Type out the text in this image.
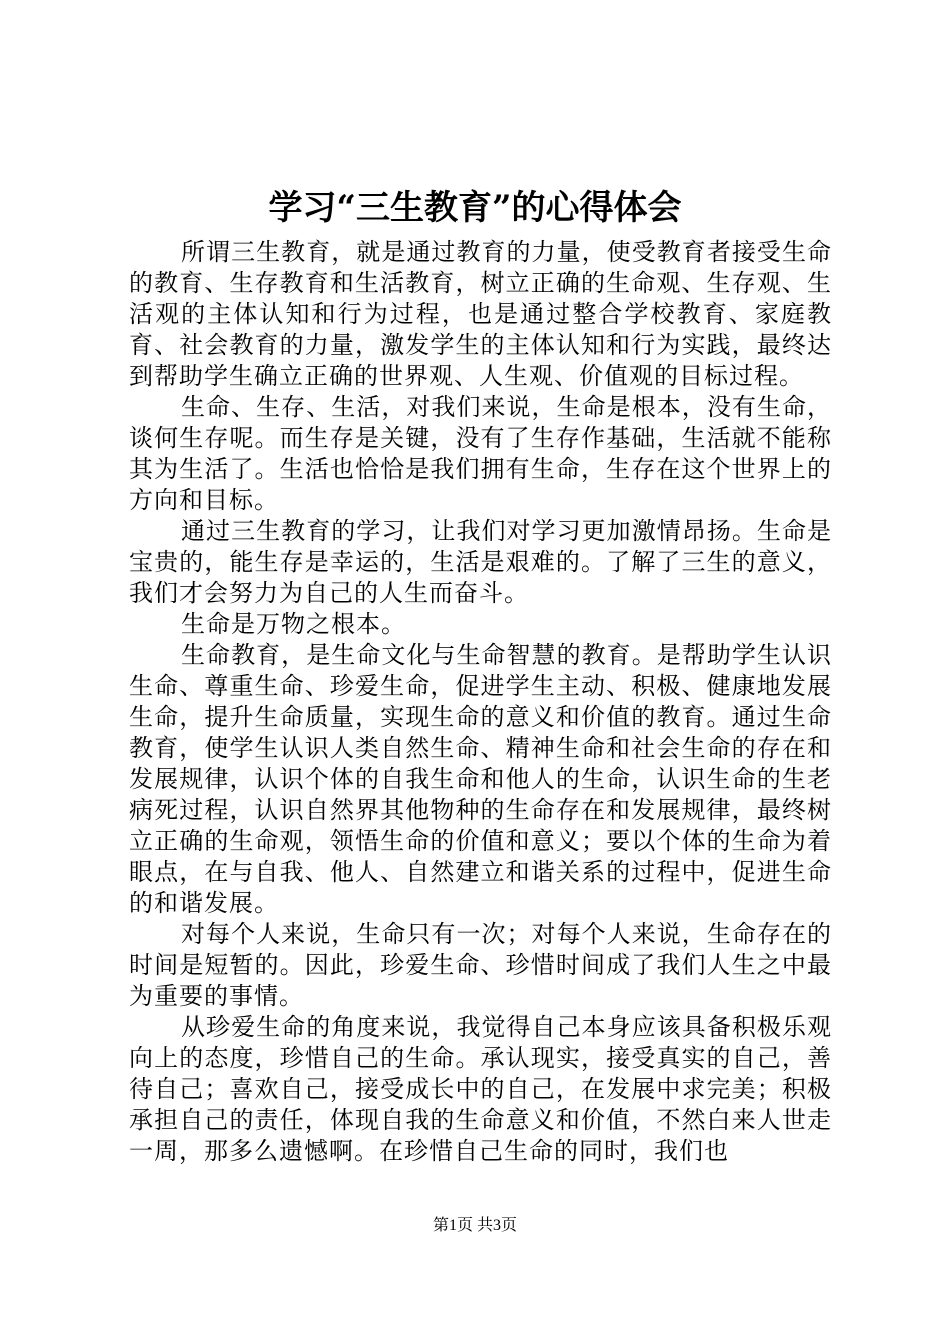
学习“三生教育”的心得体会

所谓三生教育，就是通过教育的力量，使受教育者接受生命的教育、生存教育和生活教育，树立正确的生命观、生存观、生活观的主体认知和行为过程，也是通过整合学校教育、家庭教育、社会教育的力量，激发学生的主体认知和行为实践，最终达到帮助学生确立正确的世界观、人生观、价值观的目标过程。

生命、生存、生活，对我们来说，生命是根本，没有生命，谈何生存呢。而生存是关键，没有了生存作基础，生活就不能称其为生活了。生活也恰恰是我们拥有生命，生存在这个世界上的方向和目标。

通过三生教育的学习，让我们对学习更加激情昂扬。生命是宝贵的，能生存是幸运的，生活是艰难的。了解了三生的意义，我们才会努力为自己的人生而奋斗。

生命是万物之根本。

生命教育，是生命文化与生命智慧的教育。是帮助学生认识生命、尊重生命、珍爱生命，促进学生主动、积极、健康地发展生命，提升生命质量，实现生命的意义和价值的教育。通过生命教育，使学生认识人类自然生命、精神生命和社会生命的存在和发展规律，认识个体的自我生命和他人的生命，认识生命的生老病死过程，认识自然界其他物种的生命存在和发展规律，最终树立正确的生命观，领悟生命的价值和意义；要以个体的生命为着眼点，在与自我、他人、自然建立和谐关系的过程中，促进生命的和谐发展。

对每个人来说，生命只有一次；对每个人来说，生命存在的时间是短暂的。因此，珍爱生命、珍惜时间成了我们人生之中最为重要的事情。

从珍爱生命的角度来说，我觉得自己本身应该具备积极乐观向上的态度，珍惜自己的生命。承认现实，接受真实的自己，善待自己；喜欢自己，接受成长中的自己，在发展中求完美；积极承担自己的责任，体现自我的生命意义和价值，不然白来人世走一周，那多么遗憾啊。在珍惜自己生命的同时，我们也

第1页 共3页
